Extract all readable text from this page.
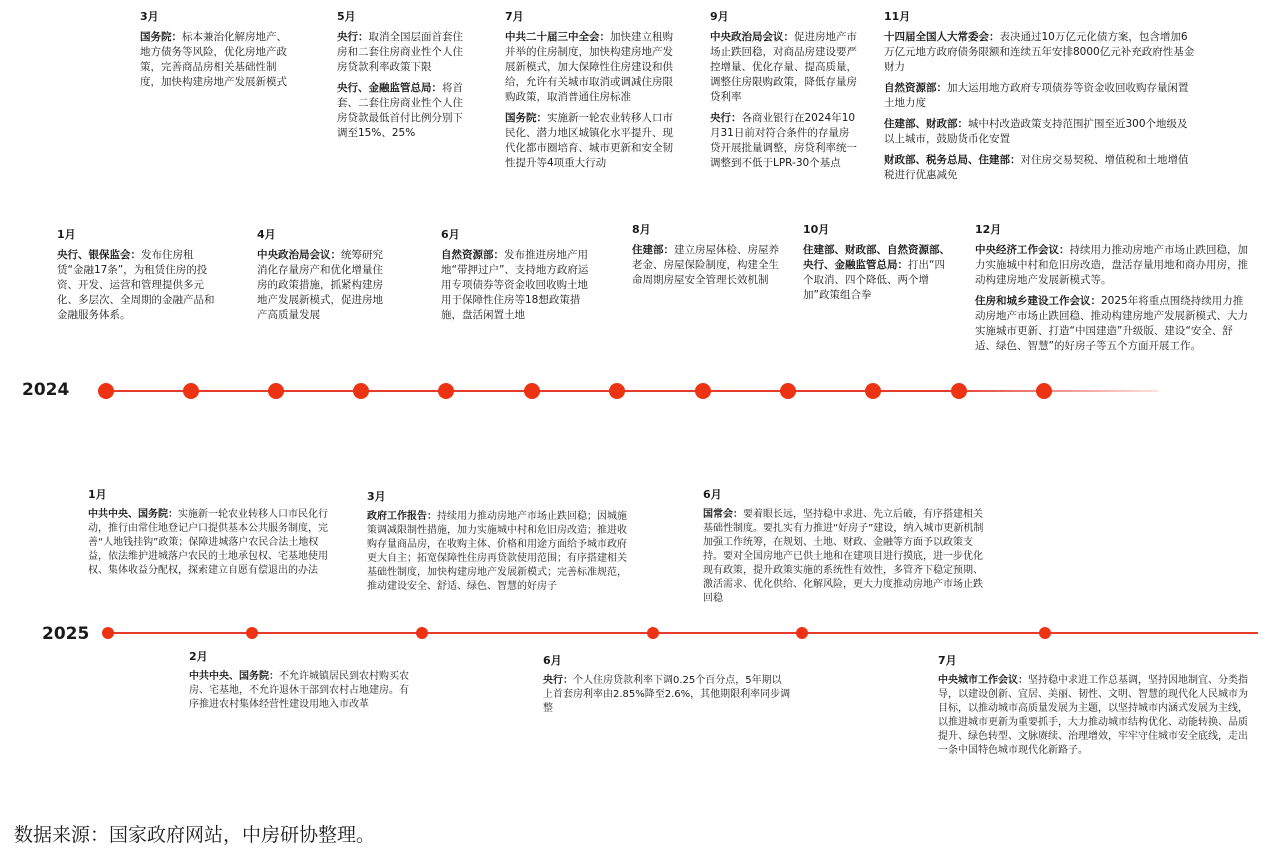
2024
2025
3月
国务院：标本兼治化解房地产、地方债务等风险，优化房地产政策，完善商品房相关基础性制度，加快构建房地产发展新模式
5月
央行：取消全国层面首套住房和二套住房商业性个人住房贷款利率政策下限
央行、金融监管总局：将首套、二套住房商业性个人住房贷款最低首付比例分别下调至15%、25%
7月
中共二十届三中全会：加快建立租购并举的住房制度，加快构建房地产发展新模式，加大保障性住房建设和供给，允许有关城市取消或调减住房限购政策，取消普通住房标准
国务院：实施新一轮农业转移人口市民化、潜力地区城镇化水平提升、现代化都市圈培育、城市更新和安全韧性提升等4项重大行动
9月
中央政治局会议：促进房地产市场止跌回稳，对商品房建设要严控增量、优化存量、提高质量，调整住房限购政策，降低存量房贷利率
央行：各商业银行在2024年10月31日前对符合条件的存量房贷开展批量调整，房贷利率统一调整到不低于LPR-30个基点
11月
十四届全国人大常委会：表决通过10万亿元化债方案，包含增加6万亿元地方政府债务限额和连续五年安排8000亿元补充政府性基金财力
自然资源部：加大运用地方政府专项债券等资金收回收购存量闲置土地力度
住建部、财政部：城中村改造政策支持范围扩围至近300个地级及以上城市，鼓励货币化安置
财政部、税务总局、住建部：对住房交易契税、增值税和土地增值税进行优惠减免
1月
央行、银保监会：发布住房租赁“金融17条”，为租赁住房的投资、开发、运营和管理提供多元化、多层次、全周期的金融产品和金融服务体系。
4月
中央政治局会议：统筹研究消化存量房产和优化增量住房的政策措施，抓紧构建房地产发展新模式，促进房地产高质量发展
6月
自然资源部：发布推进房地产用地“带押过户”、支持地方政府运用专项债券等资金收回收购土地用于保障性住房等18想政策措施，盘活闲置土地
8月
住建部：建立房屋体检、房屋养老金、房屋保险制度，构建全生命周期房屋安全管理长效机制
10月
住建部、财政部、自然资源部、央行、金融监管总局：打出“四个取消、四个降低、两个增加”政策组合拳
12月
中央经济工作会议：持续用力推动房地产市场止跌回稳，加力实施城中村和危旧房改造，盘活存量用地和商办用房，推动构建房地产发展新模式等。
住房和城乡建设工作会议：2025年将重点围绕持续用力推动房地产市场止跌回稳、推动构建房地产发展新模式、大力实施城市更新、打造“中国建造”升级版、建设“安全、舒适、绿色、智慧”的好房子等五个方面开展工作。
1月
中共中央、国务院：实施新一轮农业转移人口市民化行动，推行由常住地登记户口提供基本公共服务制度，完善“人地钱挂钩”政策；保障进城落户农民合法土地权益，依法维护进城落户农民的土地承包权、宅基地使用权、集体收益分配权，探索建立自愿有偿退出的办法
3月
政府工作报告：持续用力推动房地产市场止跌回稳；因城施策调减限制性措施，加力实施城中村和危旧房改造；推进收购存量商品房，在收购主体、价格和用途方面给予城市政府更大自主；拓宽保障性住房再贷款使用范围；有序搭建相关基础性制度，加快构建房地产发展新模式；完善标准规范，推动建设安全、舒适、绿色、智慧的好房子
6月
国常会：要着眼长远，坚持稳中求进、先立后破，有序搭建相关基础性制度。要扎实有力推进“好房子”建设，纳入城市更新机制加强工作统筹，在规划、土地、财政、金融等方面予以政策支持。要对全国房地产已供土地和在建项目进行摸底，进一步优化现有政策，提升政策实施的系统性有效性，多管齐下稳定预期、激活需求、优化供给、化解风险，更大力度推动房地产市场止跌回稳
2月
中共中央、国务院：不允许城镇居民到农村购买农房、宅基地，不允许退休干部到农村占地建房。有序推进农村集体经营性建设用地入市改革
6月
央行：个人住房贷款利率下调0.25个百分点，5年期以上首套房利率由2.85%降至2.6%，其他期限利率同步调整
7月
中央城市工作会议：坚持稳中求进工作总基调，坚持因地制宜、分类指导，以建设创新、宜居、美丽、韧性、文明、智慧的现代化人民城市为目标，以推动城市高质量发展为主题，以坚持城市内涵式发展为主线，以推进城市更新为重要抓手，大力推动城市结构优化、动能转换、品质提升、绿色转型、文脉赓续、治理增效，牢牢守住城市安全底线，走出一条中国特色城市现代化新路子。
数据来源：国家政府网站，中房研协整理。
